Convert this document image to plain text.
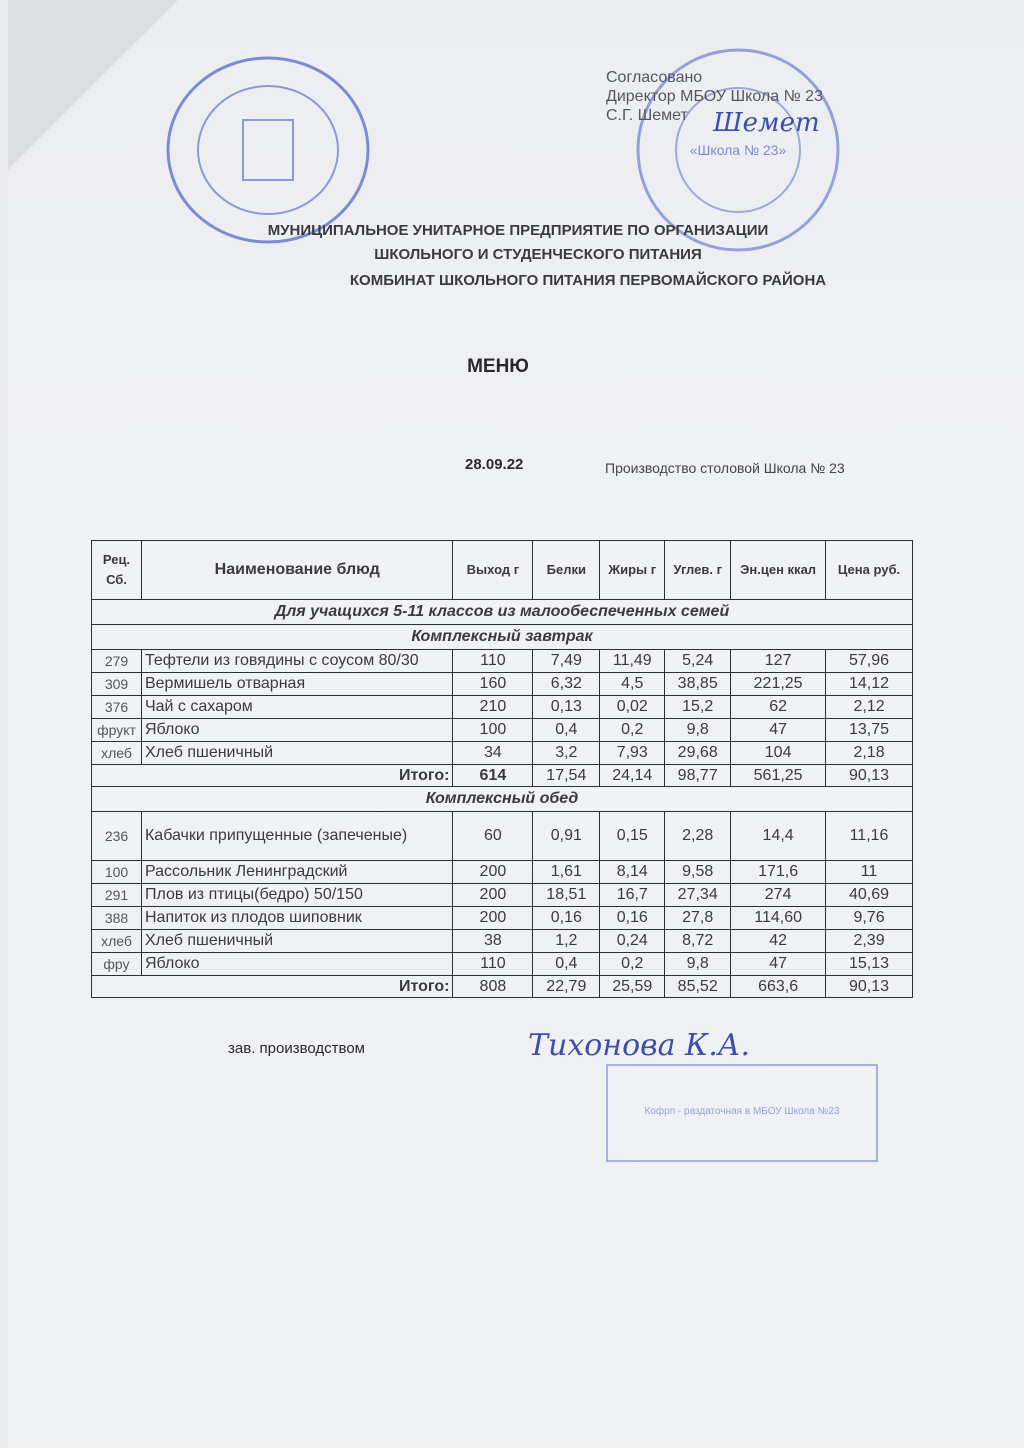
«Школа № 23»
Согласовано
Директор МБОУ Школа № 23
С.Г. Шемет Шемет
МУНИЦИПАЛЬНОЕ УНИТАРНОЕ ПРЕДПРИЯТИЕ ПО ОРГАНИЗАЦИИ
ШКОЛЬНОГО И СТУДЕНЧЕСКОГО ПИТАНИЯ
КОМБИНАТ ШКОЛЬНОГО ПИТАНИЯ ПЕРВОМАЙСКОГО РАЙОНА
МЕНЮ
28.09.22	Производство столовой Школа № 23
Рец. Сб.	Наименование блюд	Выход г	Белки	Жиры г	Углев. г	Эн.цен ккал	Цена руб.
Для учащихся 5-11 классов из малообеспеченных семей							
Комплексный завтрак							
279	Тефтели из говядины с соусом 80/30	110	7,49	11,49	5,24	127	57,96
309	Вермишель отварная	160	6,32	4,5	38,85	221,25	14,12
376	Чай с сахаром	210	0,13	0,02	15,2	62	2,12
фрукт	Яблоко	100	0,4	0,2	9,8	47	13,75
хлеб	Хлеб пшеничный	34	3,2	7,93	29,68	104	2,18
Итого:		614	17,54	24,14	98,77	561,25	90,13
Комплексный обед							
236	Кабачки припущенные (запеченые)	60	0,91	0,15	2,28	14,4	11,16
100	Рассольник Ленинградский	200	1,61	8,14	9,58	171,6	11
291	Плов из птицы(бедро) 50/150	200	18,51	16,7	27,34	274	40,69
388	Напиток из плодов шиповник	200	0,16	0,16	27,8	114,60	9,76
хлеб	Хлеб пшеничный	38	1,2	0,24	8,72	42	2,39
фру	Яблоко	110	0,4	0,2	9,8	47	15,13
Итого:		808	22,79	25,59	85,52	663,6	90,13
зав. производством	Тихонова К.А.
Кофрп - раздаточная в МБОУ Школа №23
